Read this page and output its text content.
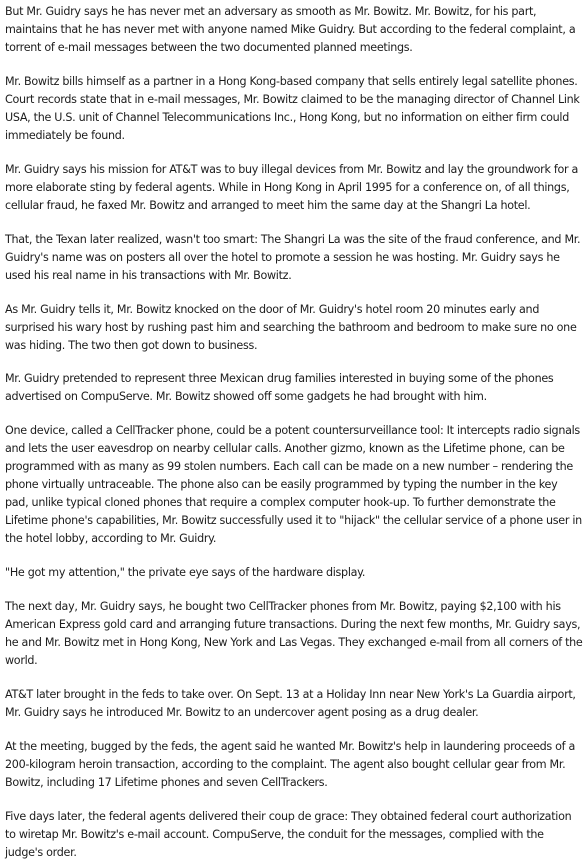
But Mr. Guidry says he has never met an adversary as smooth as Mr. Bowitz. Mr. Bowitz, for his part, maintains that he has never met with anyone named Mike Guidry. But according to the federal complaint, a torrent of e-mail messages between the two documented planned meetings.

Mr. Bowitz bills himself as a partner in a Hong Kong-based company that sells entirely legal satellite phones. Court records state that in e-mail messages, Mr. Bowitz claimed to be the managing director of Channel Link USA, the U.S. unit of Channel Telecommunications Inc., Hong Kong, but no information on either firm could immediately be found.

Mr. Guidry says his mission for AT&T was to buy illegal devices from Mr. Bowitz and lay the groundwork for a more elaborate sting by federal agents. While in Hong Kong in April 1995 for a conference on, of all things, cellular fraud, he faxed Mr. Bowitz and arranged to meet him the same day at the Shangri La hotel.

That, the Texan later realized, wasn't too smart: The Shangri La was the site of the fraud conference, and Mr. Guidry's name was on posters all over the hotel to promote a session he was hosting. Mr. Guidry says he used his real name in his transactions with Mr. Bowitz.

As Mr. Guidry tells it, Mr. Bowitz knocked on the door of Mr. Guidry's hotel room 20 minutes early and surprised his wary host by rushing past him and searching the bathroom and bedroom to make sure no one was hiding. The two then got down to business.

Mr. Guidry pretended to represent three Mexican drug families interested in buying some of the phones advertised on CompuServe. Mr. Bowitz showed off some gadgets he had brought with him.

One device, called a CellTracker phone, could be a potent countersurveillance tool: It intercepts radio signals and lets the user eavesdrop on nearby cellular calls. Another gizmo, known as the Lifetime phone, can be programmed with as many as 99 stolen numbers. Each call can be made on a new number – rendering the phone virtually untraceable. The phone also can be easily programmed by typing the number in the key pad, unlike typical cloned phones that require a complex computer hook-up. To further demonstrate the Lifetime phone's capabilities, Mr. Bowitz successfully used it to "hijack" the cellular service of a phone user in the hotel lobby, according to Mr. Guidry.

"He got my attention," the private eye says of the hardware display.

The next day, Mr. Guidry says, he bought two CellTracker phones from Mr. Bowitz, paying $2,100 with his American Express gold card and arranging future transactions. During the next few months, Mr. Guidry says, he and Mr. Bowitz met in Hong Kong, New York and Las Vegas. They exchanged e-mail from all corners of the world.

AT&T later brought in the feds to take over. On Sept. 13 at a Holiday Inn near New York's La Guardia airport, Mr. Guidry says he introduced Mr. Bowitz to an undercover agent posing as a drug dealer.

At the meeting, bugged by the feds, the agent said he wanted Mr. Bowitz's help in laundering proceeds of a 200-kilogram heroin transaction, according to the complaint. The agent also bought cellular gear from Mr. Bowitz, including 17 Lifetime phones and seven CellTrackers.

Five days later, the federal agents delivered their coup de grace: They obtained federal court authorization to wiretap Mr. Bowitz's e-mail account. CompuServe, the conduit for the messages, complied with the judge's order.
